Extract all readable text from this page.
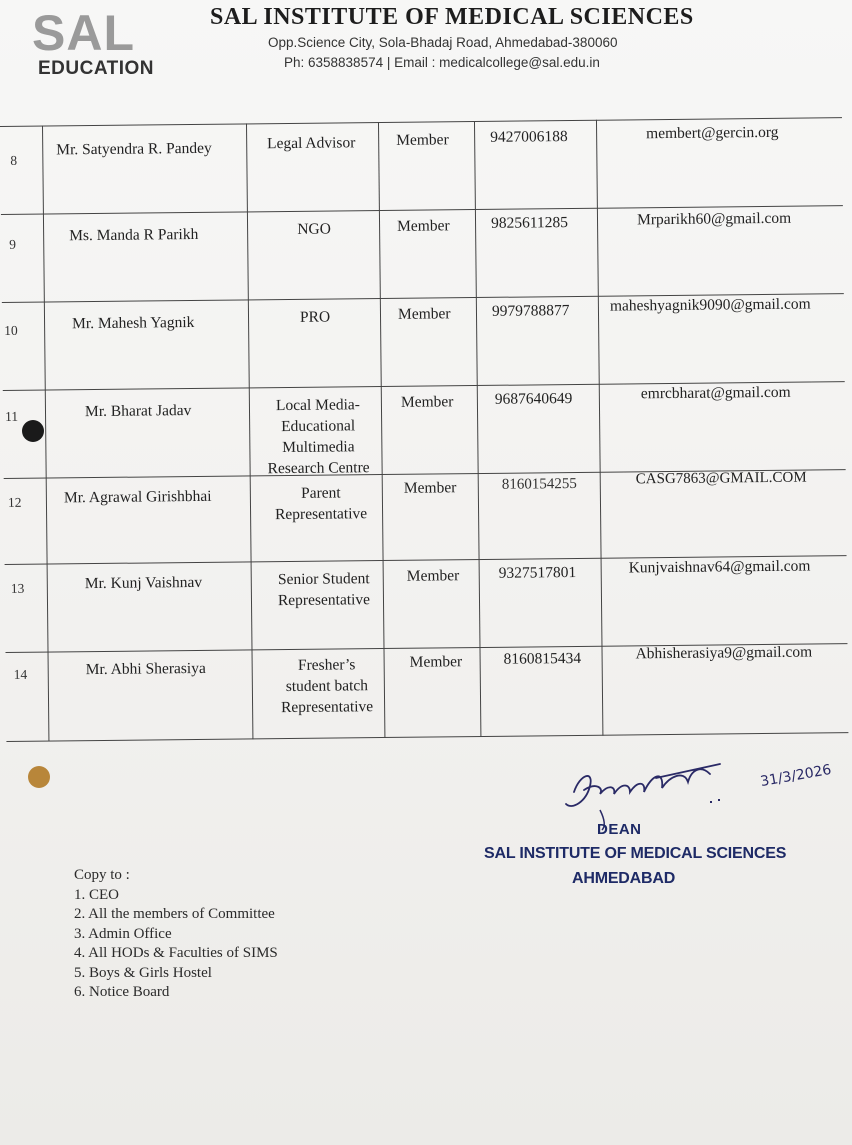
SAL
EDUCATION
SAL INSTITUTE OF MEDICAL SCIENCES
Opp.Science City, Sola-Bhadaj Road, Ahmedabad-380060
Ph: 6358838574 | Email : medicalcollege@sal.edu.in
8
Mr. Satyendra R. Pandey	Legal Advisor	Member	9427006188	membert@gercin.org
9
Ms. Manda R Parikh	NGO	Member	9825611285	Mrparikh60@gmail.com
10	Mr. Mahesh Yagnik	PRO	Member	9979788877	maheshyagnik9090@gmail.com
11	Mr. Bharat Jadav	Local Media-
Educational
Multimedia
Research Centre
Member	9687640649	emrcbharat@gmail.com
12	Mr. Agrawal Girishbhai	Parent
Representative
Member	8160154255	CASG7863@GMAIL.COM
13	Mr. Kunj Vaishnav	Senior Student
Representative
Member	9327517801	Kunjvaishnav64@gmail.com
14	Mr. Abhi Sherasiya	Fresher’s
student batch
Representative
Member	8160815434	Abhisherasiya9@gmail.com
31/3/2026
DEAN
SAL INSTITUTE OF MEDICAL SCIENCES
AHMEDABAD
Copy to :
1. CEO
2. All the members of Committee
3. Admin Office
4. All HODs & Faculties of SIMS
5. Boys & Girls Hostel
6. Notice Board
